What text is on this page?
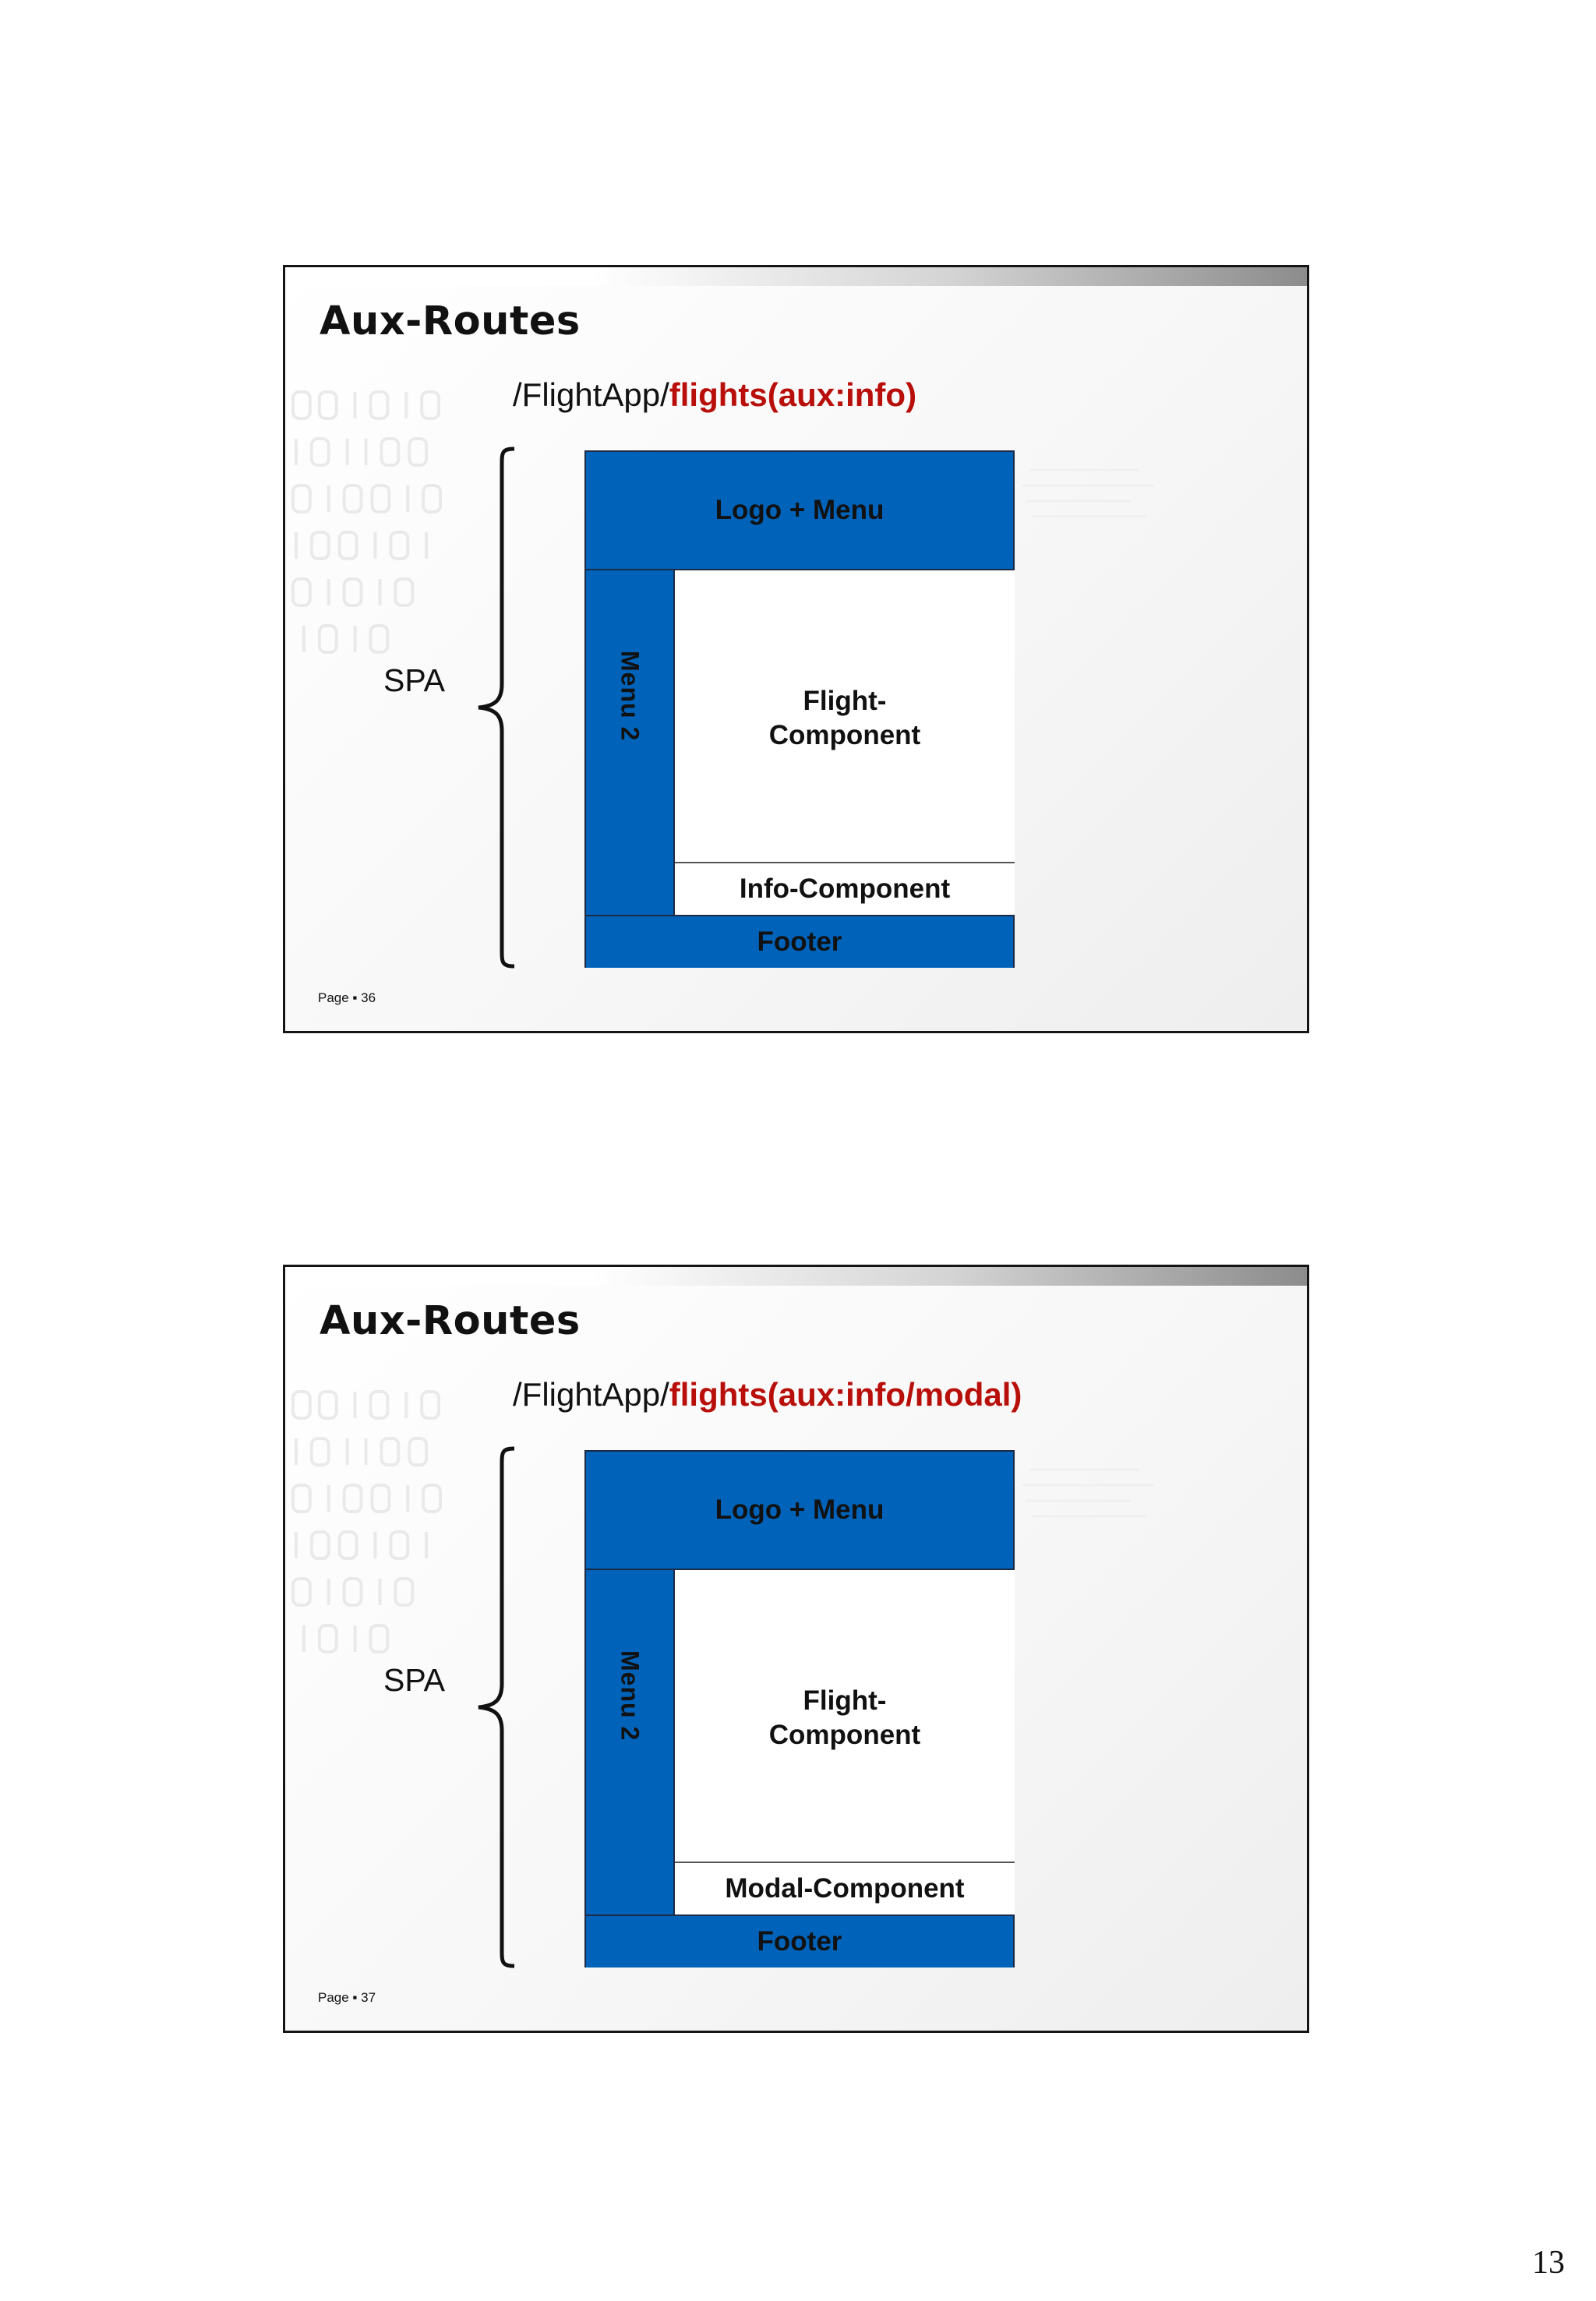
Aux-Routes
/FlightApp/flights(aux:info)
SPA
Logo + Menu
Menu 2	Flight-
Component
Info-Component
Footer
Page ▪ 36
Aux-Routes
/FlightApp/flights(aux:info/modal)
SPA
Logo + Menu
Menu 2	Flight-
Component
Modal-Component
Footer
Page ▪ 37
13
